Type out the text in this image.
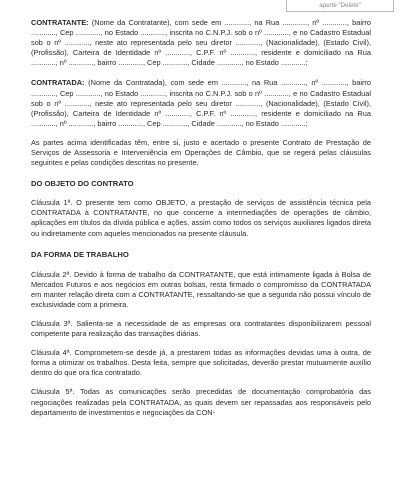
aperte "Delete"

CONTRATANTE: (Nome da Contratante), com sede em ............, na Rua ............, nº ............, bairro ............, Cep ............, no Estado ............, inscrita no C.N.P.J. sob o nº ............, e no Cadastro Estadual sob o nº ............, neste ato representada pelo seu diretor ............, (Nacionalidade), (Estado Civil), (Profissão), Carteira de Identidade nº ............, C.P.F. nº ............, residente e domiciliado na Rua ............, nº ............, bairro ............, Cep ............, Cidade ............, no Estado ............;

CONTRATADA: (Nome da Contratada), com sede em ............, na Rua ............, nº ............, bairro ............, Cep ............, no Estado ............, inscrita no C.N.P.J. sob o nº ............, e no Cadastro Estadual sob o nº ............, neste ato representada pelo seu diretor ............, (Nacionalidade), (Estado Civil), (Profissão), Carteira de Identidade nº ............, C.P.F. nº ............, residente e domiciliado na Rua ............, nº ............, bairro ............, Cep ............, Cidade ............, no Estado ............;

As partes acima identificadas têm, entre si, justo e acertado o presente Contrato de Prestação de Serviços de Assessoria e Interveniência em Operações de Câmbio, que se regerá pelas cláusulas seguintes e pelas condições descritas no presente.

DO OBJETO DO CONTRATO

Cláusula 1ª. O presente tem como OBJETO, a prestação de serviços de assistência técnica pela CONTRATADA à CONTRATANTE, no que concerne a intermediações de operações de câmbio, aplicações em títulos da dívida pública e ações, assim como todos os serviços auxiliares ligados direta ou indiretamente com aqueles mencionados na presente cláusula.

DA FORMA DE TRABALHO

Cláusula 2ª. Devido à forma de trabalho da CONTRATANTE, que está intimamente ligada à Bolsa de Mercados Futuros e aos negócios em outras bolsas, resta firmado o compromisso da CONTRATADA em manter relação direta com a CONTRATANTE, ressaltando-se que a segunda não possui vínculo de exclusividade com a primeira.

Cláusula 3ª. Salienta-se a necessidade de as empresas ora contratantes disponibilizarem pessoal competente para realização das transações diárias.

Cláusula 4ª. Comprometem-se desde já, a prestarem todas as informações devidas uma à outra, de forma a otimizar os trabalhos. Desta feita, sempre que solicitadas, deverão prestar mutuamente auxílio dentro do que ora fica contratado.

Cláusula 5ª. Todas as comunicações serão precedidas de documentação comprobatória das negociações realizadas pela CONTRATADA, as quais devem ser repassadas aos responsáveis pelo departamento de investimentos e negociações da CON-
